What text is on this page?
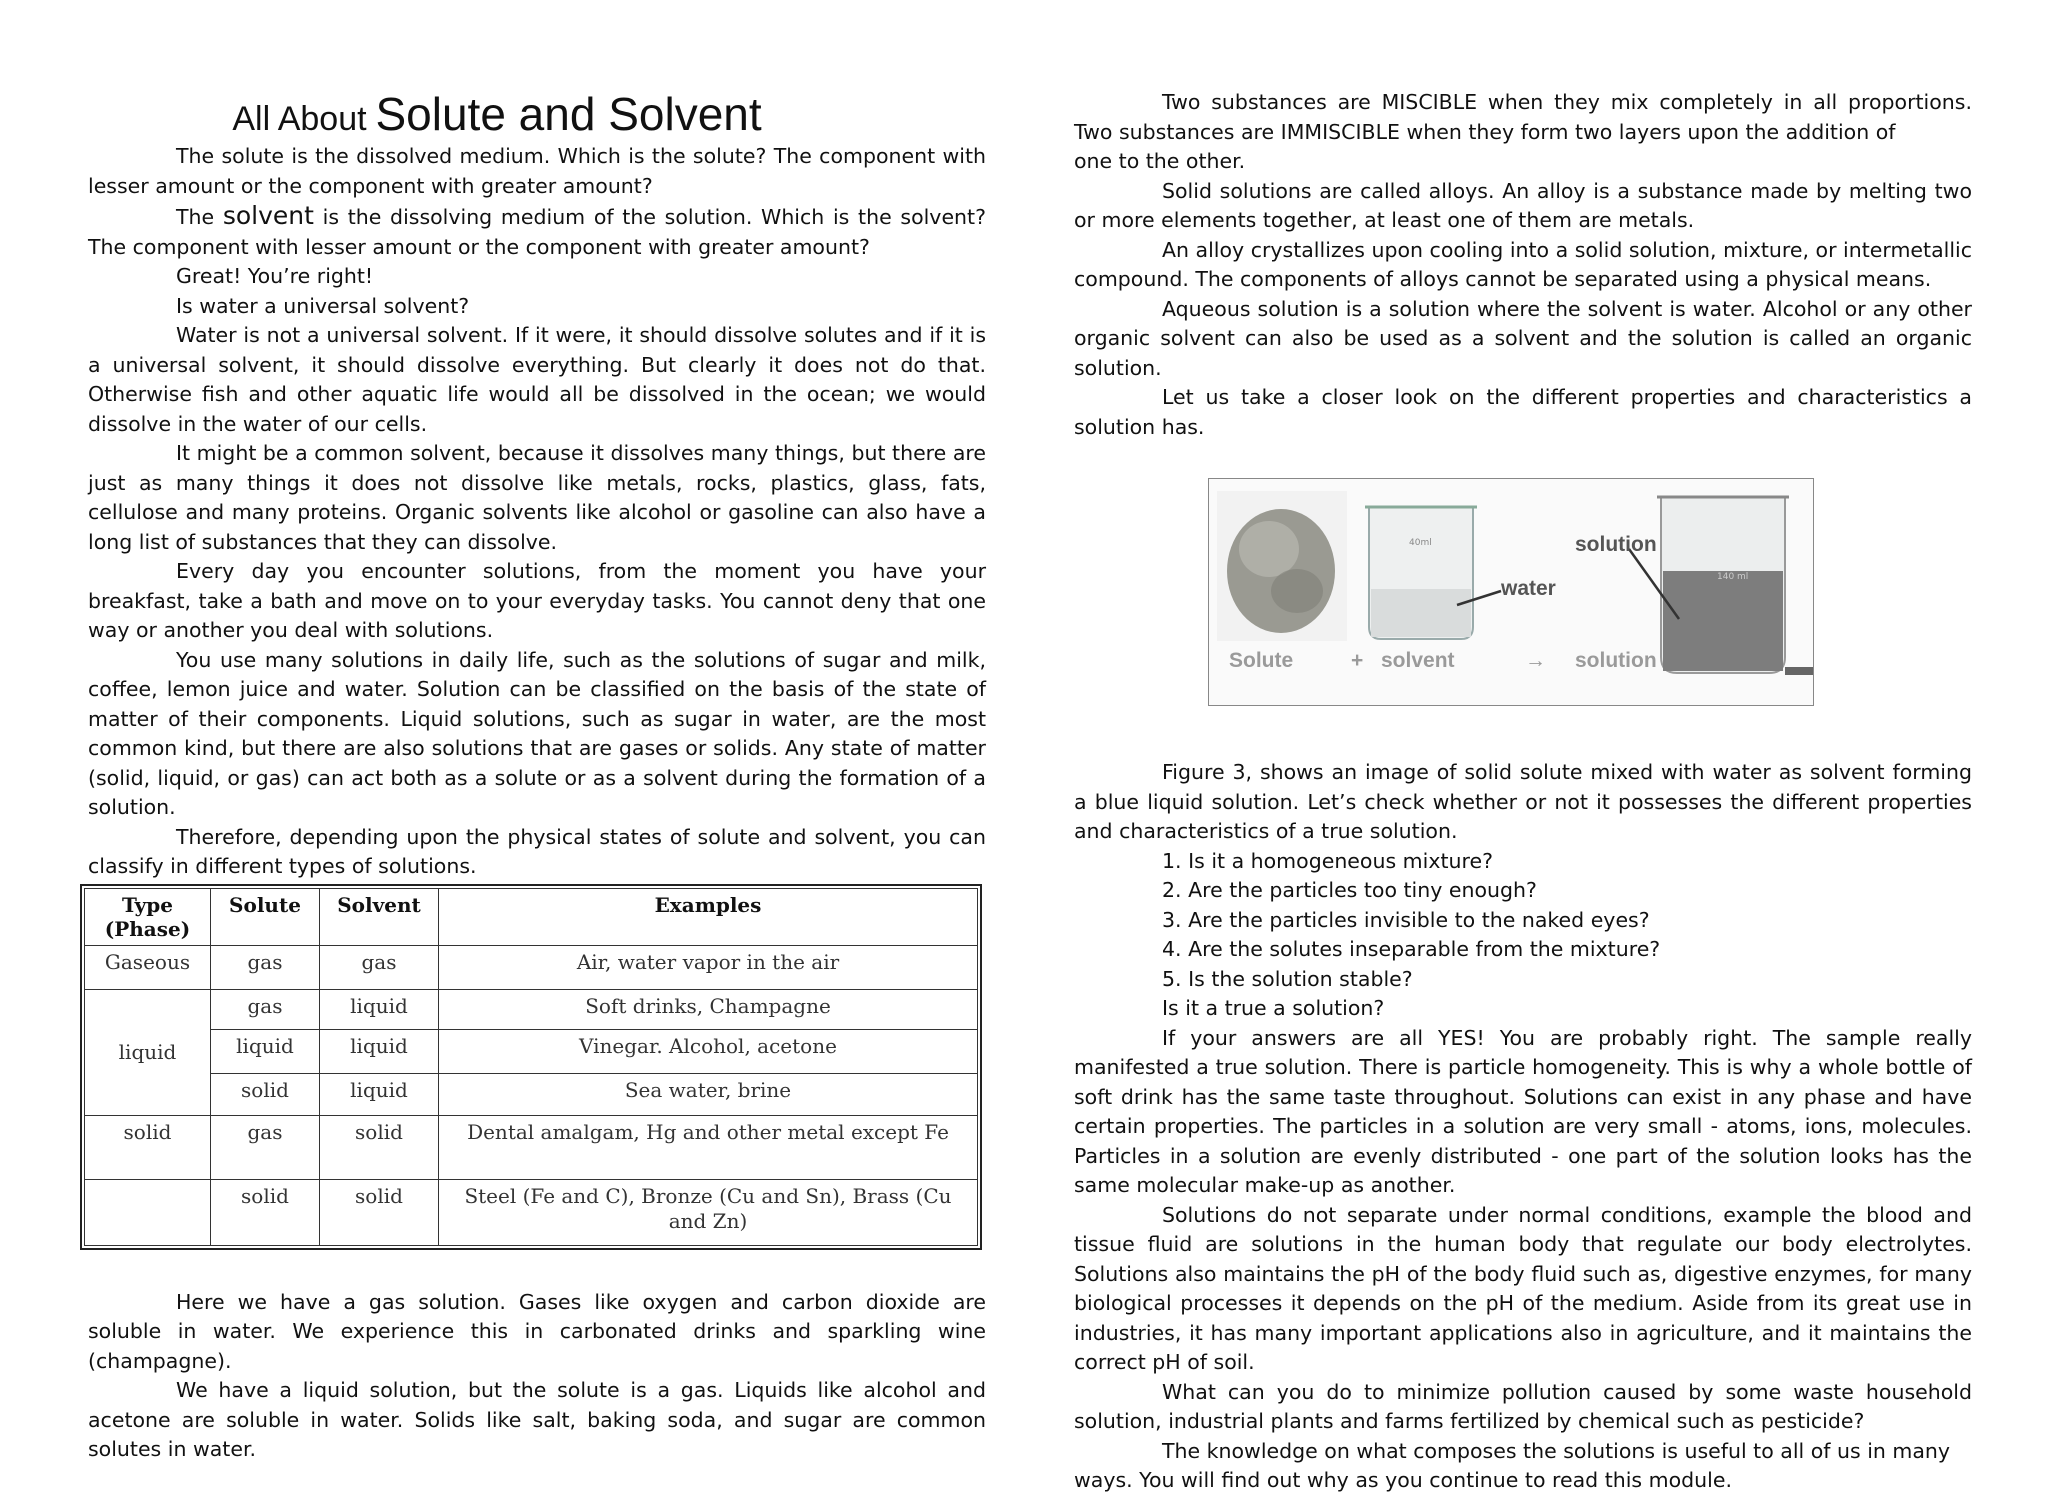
All About Solute and Solvent

The solute is the dissolved medium. Which is the solute? The component with lesser amount or the component with greater amount?

The solvent is the dissolving medium of the solution. Which is the solvent? The component with lesser amount or the component with greater amount?

Great! You’re right!

Is water a universal solvent?

Water is not a universal solvent. If it were, it should dissolve solutes and if it is a universal solvent, it should dissolve everything. But clearly it does not do that. Otherwise fish and other aquatic life would all be dissolved in the ocean; we would dissolve in the water of our cells.

It might be a common solvent, because it dissolves many things, but there are just as many things it does not dissolve like metals, rocks, plastics, glass, fats, cellulose and many proteins. Organic solvents like alcohol or gasoline can also have a long list of substances that they can dissolve.

Every day you encounter solutions, from the moment you have your breakfast, take a bath and move on to your everyday tasks. You cannot deny that one way or another you deal with solutions.

You use many solutions in daily life, such as the solutions of sugar and milk, coffee, lemon juice and water. Solution can be classified on the basis of the state of matter of their components. Liquid solutions, such as sugar in water, are the most common kind, but there are also solutions that are gases or solids. Any state of matter (solid, liquid, or gas) can act both as a solute or as a solvent during the formation of a solution.

Therefore, depending upon the physical states of solute and solvent, you can classify in different types of solutions.

Type (Phase)	Solute	Solvent	Examples
Gaseous	gas	gas	Air, water vapor in the air
liquid	gas	liquid	Soft drinks, Champagne
	liquid	liquid	Vinegar. Alcohol, acetone
	solid	liquid	Sea water, brine
solid	gas	solid	Dental amalgam, Hg and other metal except Fe
	solid	solid	Steel (Fe and C), Bronze (Cu and Sn), Brass (Cu and Zn)

Here we have a gas solution. Gases like oxygen and carbon dioxide are soluble in water. We experience this in carbonated drinks and sparkling wine (champagne).

We have a liquid solution, but the solute is a gas. Liquids like alcohol and acetone are soluble in water. Solids like salt, baking soda, and sugar are common solutes in water.

Two substances are MISCIBLE when they mix completely in all proportions. Two substances are IMMISCIBLE when they form two layers upon the addition of

one to the other.

Solid solutions are called alloys. An alloy is a substance made by melting two or more elements together, at least one of them are metals.

An alloy crystallizes upon cooling into a solid solution, mixture, or intermetallic compound. The components of alloys cannot be separated using a physical means.

Aqueous solution is a solution where the solvent is water. Alcohol or any other organic solvent can also be used as a solvent and the solution is called an organic solution.

Let us take a closer look on the different properties and characteristics a solution has.

40ml
140 ml
water
solution
Solute	+ solvent	→ solution

Figure 3, shows an image of solid solute mixed with water as solvent forming a blue liquid solution. Let’s check whether or not it possesses the different properties and characteristics of a true solution.

1. Is it a homogeneous mixture?

2. Are the particles too tiny enough?

3. Are the particles invisible to the naked eyes?

4. Are the solutes inseparable from the mixture?

5. Is the solution stable?

Is it a true a solution?

If your answers are all YES! You are probably right. The sample really manifested a true solution. There is particle homogeneity. This is why a whole bottle of soft drink has the same taste throughout. Solutions can exist in any phase and have certain properties. The particles in a solution are very small - atoms, ions, molecules. Particles in a solution are evenly distributed - one part of the solution looks has the same molecular make-up as another.

Solutions do not separate under normal conditions, example the blood and tissue fluid are solutions in the human body that regulate our body electrolytes. Solutions also maintains the pH of the body fluid such as, digestive enzymes, for many biological processes it depends on the pH of the medium. Aside from its great use in industries, it has many important applications also in agriculture, and it maintains the correct pH of soil.

What can you do to minimize pollution caused by some waste household solution, industrial plants and farms fertilized by chemical such as pesticide?

The knowledge on what composes the solutions is useful to all of us in many

ways. You will find out why as you continue to read this module.
